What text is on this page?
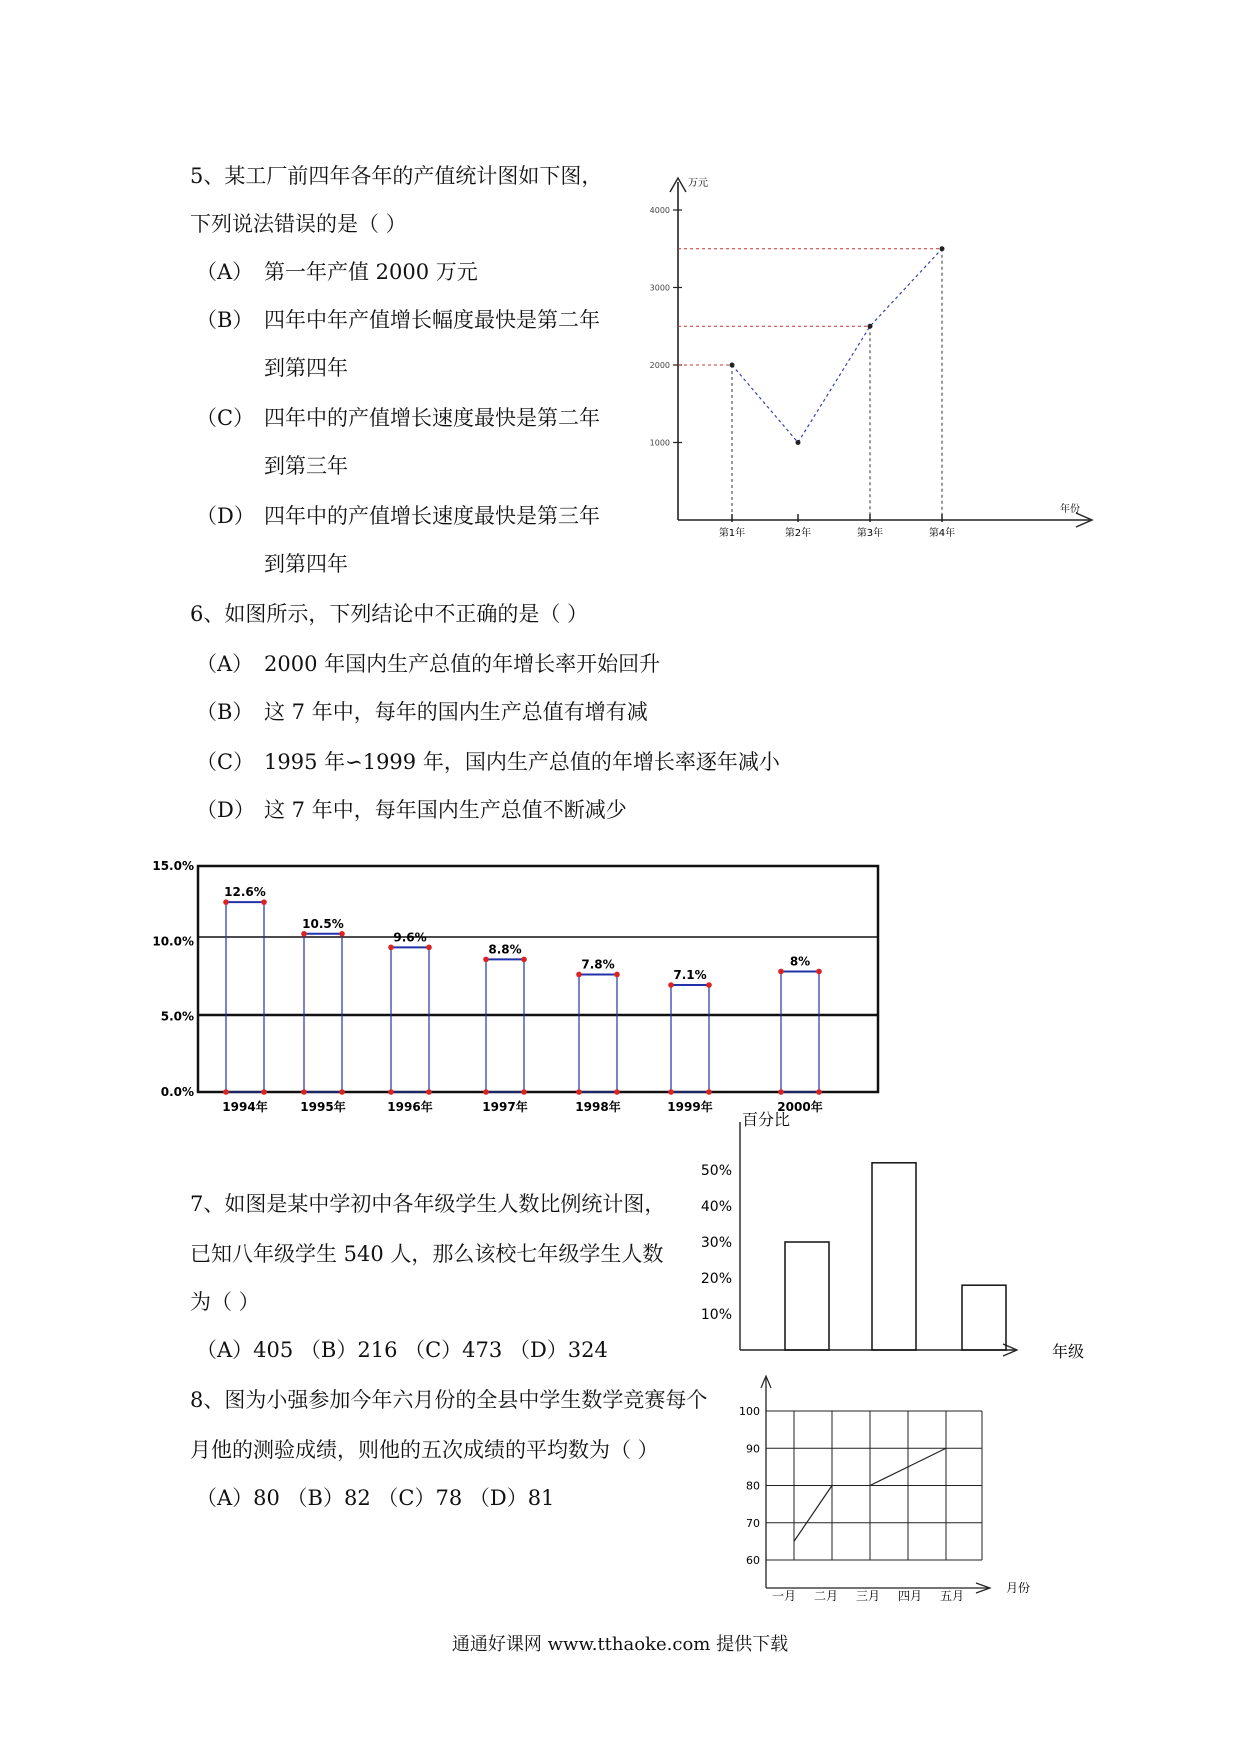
5、某工厂前四年各年的产值统计图如下图，
下列说法错误的是（ ）
（A） 第一年产值 2000 万元
（B） 四年中年产值增长幅度最快是第二年
到第四年
（C） 四年中的产值增长速度最快是第二年
到第三年
（D） 四年中的产值增长速度最快是第三年
到第四年
万元
年份
4000
3000
2000
1000
第1年	第2年	第3年	第4年
6、如图所示，下列结论中不正确的是（ ）
（A） 2000 年国内生产总值的年增长率开始回升
（B） 这 7 年中，每年的国内生产总值有增有减
（C） 1995 年∽1999 年，国内生产总值的年增长率逐年减小
（D） 这 7 年中，每年国内生产总值不断减少
15.0%
10.0%
5.0%
0.0%
12.6%
10.5%
9.6%
8.8%
7.8%
7.1%
8%
1994年	1995年	1996年	1997年	1998年	1999年	2000年
7、如图是某中学初中各年级学生人数比例统计图，
已知八年级学生 540 人，那么该校七年级学生人数
为（ ）
（A）405 （B）216 （C）473 （D）324
百分比
年级
50%
40%
30%
20%
10%
8、图为小强参加今年六月份的全县中学生数学竞赛每个
月他的测验成绩，则他的五次成绩的平均数为（ ）
（A）80 （B）82 （C）78 （D）81
月份
100
90
80
70
60
一月 二月 三月 四月 五月
通通好课网 www.tthaoke.com 提供下载
